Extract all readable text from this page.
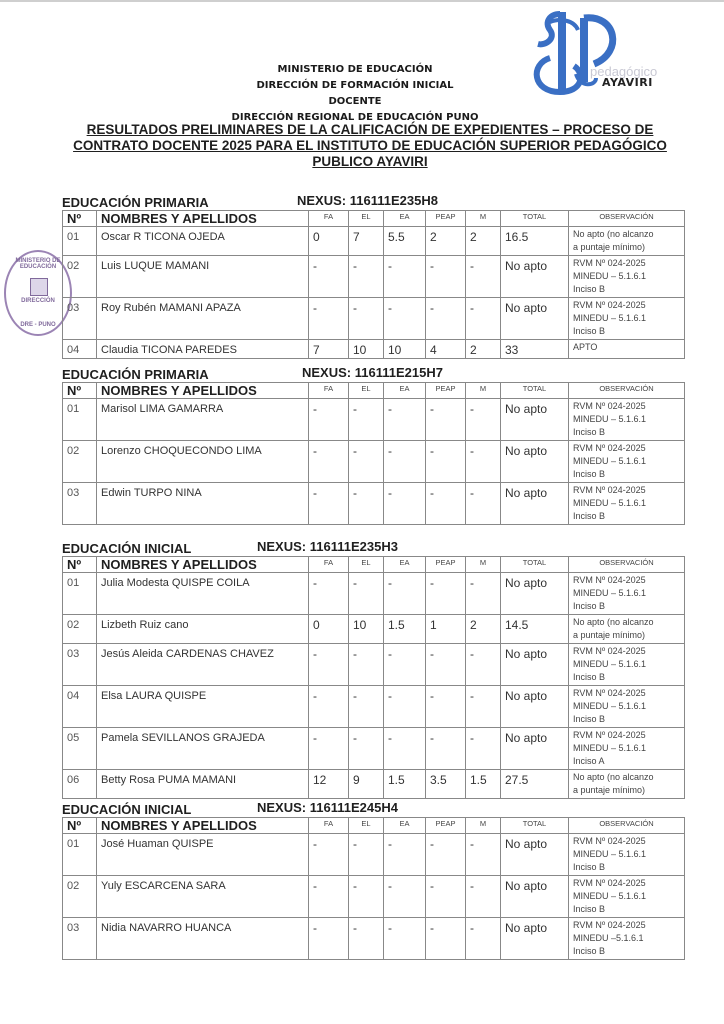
MINISTERIO DE EDUCACIÓN
DIRECCIÓN DE FORMACIÓN INICIAL DOCENTE
DIRECCIÓN REGIONAL DE EDUCACIÓN PUNO
pedagógico
AYAVIRI
RESULTADOS PRELIMINARES DE LA CALIFICACIÓN DE EXPEDIENTES – PROCESO DE CONTRATO DOCENTE 2025 PARA EL INSTITUTO DE EDUCACIÓN SUPERIOR PEDAGÓGICO PUBLICO AYAVIRI
MINISTERIO DE EDUCACIÓN
DIRECCIÓN
DRE - PUNO
EDUCACIÓN PRIMARIA	NEXUS: 116111E235H8
Nº	NOMBRES Y APELLIDOS	FA	EL	EA	PEAP	M	TOTAL	OBSERVACIÓN
01	Oscar R TICONA OJEDA	0	7	5.5	2	2	16.5	No apto (no alcanzo
a puntaje mínimo)

02	Luis LUQUE MAMANI	-	-	-	-	-	No apto	RVM Nº 024-2025
MINEDU – 5.1.6.1
Inciso B

03	Roy Rubén MAMANI APAZA	-	-	-	-	-	No apto	RVM Nº 024-2025
MINEDU – 5.1.6.1
Inciso B

04	Claudia TICONA PAREDES	7	10	10	4	2	33	APTO
EDUCACIÓN PRIMARIA	NEXUS: 116111E215H7
Nº	NOMBRES Y APELLIDOS	FA	EL	EA	PEAP	M	TOTAL	OBSERVACIÓN
01	Marisol LIMA GAMARRA	-	-	-	-	-	No apto	RVM Nº 024-2025
MINEDU – 5.1.6.1
Inciso B

02	Lorenzo CHOQUECONDO LIMA	-	-	-	-	-	No apto	RVM Nº 024-2025
MINEDU – 5.1.6.1
Inciso B

03	Edwin TURPO NINA	-	-	-	-	-	No apto	RVM Nº 024-2025
MINEDU – 5.1.6.1
Inciso B
EDUCACIÓN INICIAL	NEXUS: 116111E235H3
Nº	NOMBRES Y APELLIDOS	FA	EL	EA	PEAP	M	TOTAL	OBSERVACIÓN
01	Julia Modesta QUISPE COILA	-	-	-	-	-	No apto	RVM Nº 024-2025
MINEDU – 5.1.6.1
Inciso B

02	Lizbeth Ruiz cano	0	10	1.5	1	2	14.5	No apto (no alcanzo
a puntaje mínimo)

03	Jesús Aleida CARDENAS CHAVEZ	-	-	-	-	-	No apto	RVM Nº 024-2025
MINEDU – 5.1.6.1
Inciso B

04	Elsa LAURA QUISPE	-	-	-	-	-	No apto	RVM Nº 024-2025
MINEDU – 5.1.6.1
Inciso B

05	Pamela SEVILLANOS GRAJEDA	-	-	-	-	-	No apto	RVM Nº 024-2025
MINEDU – 5.1.6.1
Inciso A

06	Betty Rosa PUMA MAMANI	12	9	1.5	3.5	1.5	27.5	No apto (no alcanzo
a puntaje mínimo)
EDUCACIÓN INICIAL	NEXUS: 116111E245H4
Nº	NOMBRES Y APELLIDOS	FA	EL	EA	PEAP	M	TOTAL	OBSERVACIÓN
01	José Huaman QUISPE	-	-	-	-	-	No apto	RVM Nº 024-2025
MINEDU – 5.1.6.1
Inciso B

02	Yuly ESCARCENA SARA	-	-	-	-	-	No apto	RVM Nº 024-2025
MINEDU – 5.1.6.1
Inciso B

03	Nidia NAVARRO HUANCA	-	-	-	-	-	No apto	RVM Nº 024-2025
MINEDU –5.1.6.1
Inciso B
